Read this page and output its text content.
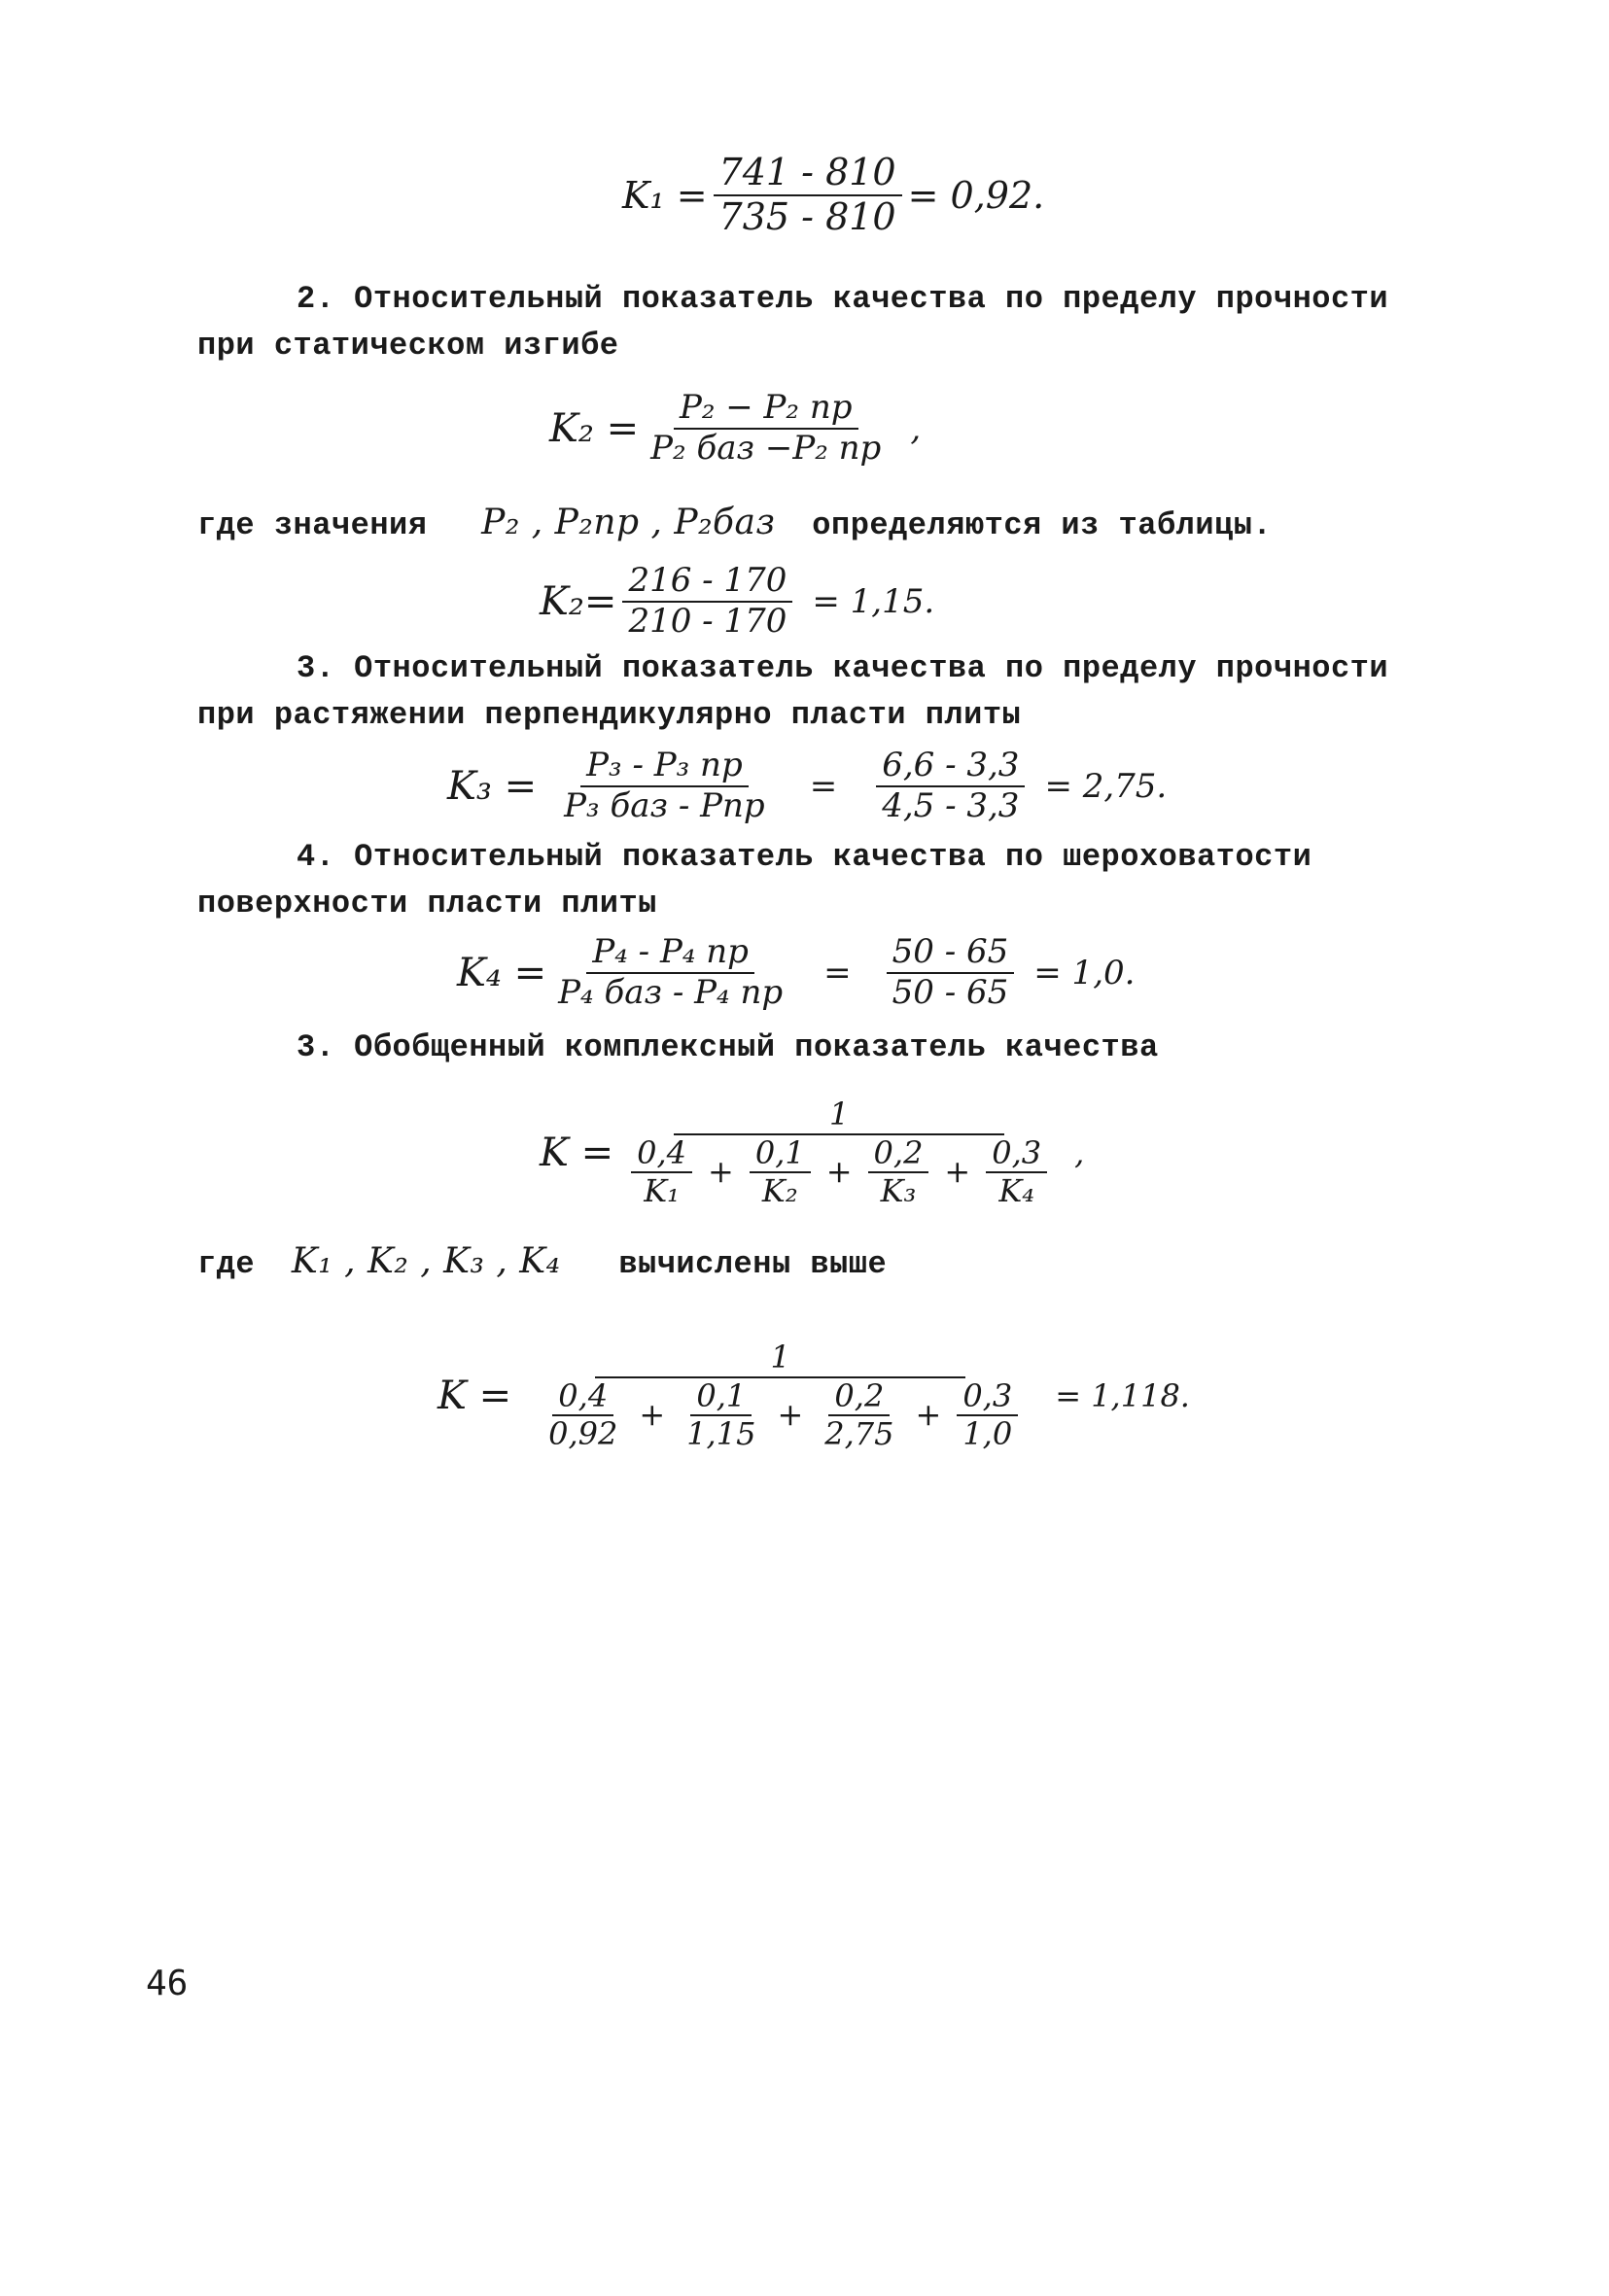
$K_1 = \frac{741 - 810}{735 - 810} = 0,92$.
2. Относительный показатель качества по пределу прочности
при статическом изгибе
$K_2 = \frac{\text{P₂ − P₂ пр}}{\text{P₂ баз −P₂ пр}}$ ,
где значения P₂ , P₂пр , P₂баз определяются из таблицы.
$K_2= \frac{216 - 170}{210 - 170} = 1,15$.
3. Относительный показатель качества по пределу прочности
при растяжении перпендикулярно пласти плиты
$K_3 = \frac{\text{P₃ - P₃ пр}}{\text{P₃ баз - Pпр}} = \frac{6,6 - 3,3}{4,5 - 3,3} = 2,75$.
4. Относительный показатель качества по шероховатости
поверхности пласти плиты
$K_4 = \frac{\text{P₄ - P₄ пр}}{\text{P₄ баз - P₄ пр}} = \frac{50 - 65}{50 - 65} = 1,0$.
3. Обобщенный комплексный показатель качества
K =
1
$\frac{0,4}{\text{K₁}} + \frac{0,1}{\text{K₂}} + \frac{0,2}{\text{K₃}} + \frac{0,3}{\text{K₄}}$ ,
где K₁ , K₂ , K₃ , K₄ вычислены выше
K =
1
$\frac{0,4}{0,92} + \frac{0,1}{1,15} + \frac{0,2}{2,75} + \frac{0,3}{1,0} = 1,118$.
46
